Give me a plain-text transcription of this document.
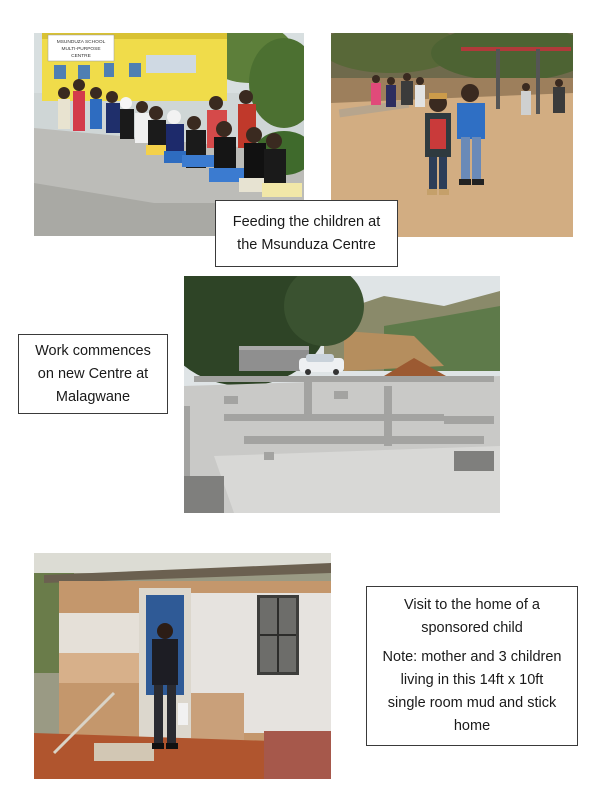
MSUNDUZA SCHOOL
MULTI-PURPOSE
CENTRE
Feeding the children at
the Msunduza Centre
Work commences
on new Centre at
Malagwane
Visit to the home of a
sponsored child
Note: mother and 3 children
living in this 14ft x 10ft
single room mud and stick
home
